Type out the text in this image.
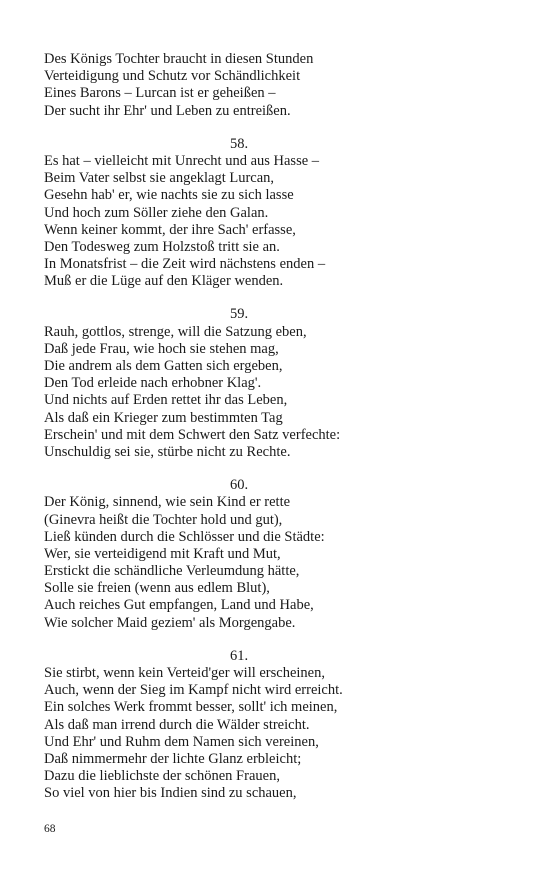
Des Königs Tochter braucht in diesen Stunden
Verteidigung und Schutz vor Schändlichkeit
Eines Barons – Lurcan ist er geheißen –
Der sucht ihr Ehr' und Leben zu entreißen.
58.
Es hat – vielleicht mit Unrecht und aus Hasse –
Beim Vater selbst sie angeklagt Lurcan,
Gesehn hab' er, wie nachts sie zu sich lasse
Und hoch zum Söller ziehe den Galan.
Wenn keiner kommt, der ihre Sach' erfasse,
Den Todesweg zum Holzstoß tritt sie an.
In Monatsfrist – die Zeit wird nächstens enden –
Muß er die Lüge auf den Kläger wenden.
59.
Rauh, gottlos, strenge, will die Satzung eben,
Daß jede Frau, wie hoch sie stehen mag,
Die andrem als dem Gatten sich ergeben,
Den Tod erleide nach erhobner Klag'.
Und nichts auf Erden rettet ihr das Leben,
Als daß ein Krieger zum bestimmten Tag
Erschein' und mit dem Schwert den Satz verfechte:
Unschuldig sei sie, stürbe nicht zu Rechte.
60.
Der König, sinnend, wie sein Kind er rette
(Ginevra heißt die Tochter hold und gut),
Ließ künden durch die Schlösser und die Städte:
Wer, sie verteidigend mit Kraft und Mut,
Erstickt die schändliche Verleumdung hätte,
Solle sie freien (wenn aus edlem Blut),
Auch reiches Gut empfangen, Land und Habe,
Wie solcher Maid geziem' als Morgengabe.
61.
Sie stirbt, wenn kein Verteid'ger will erscheinen,
Auch, wenn der Sieg im Kampf nicht wird erreicht.
Ein solches Werk frommt besser, sollt' ich meinen,
Als daß man irrend durch die Wälder streicht.
Und Ehr' und Ruhm dem Namen sich vereinen,
Daß nimmermehr der lichte Glanz erbleicht;
Dazu die lieblichste der schönen Frauen,
So viel von hier bis Indien sind zu schauen,
68
